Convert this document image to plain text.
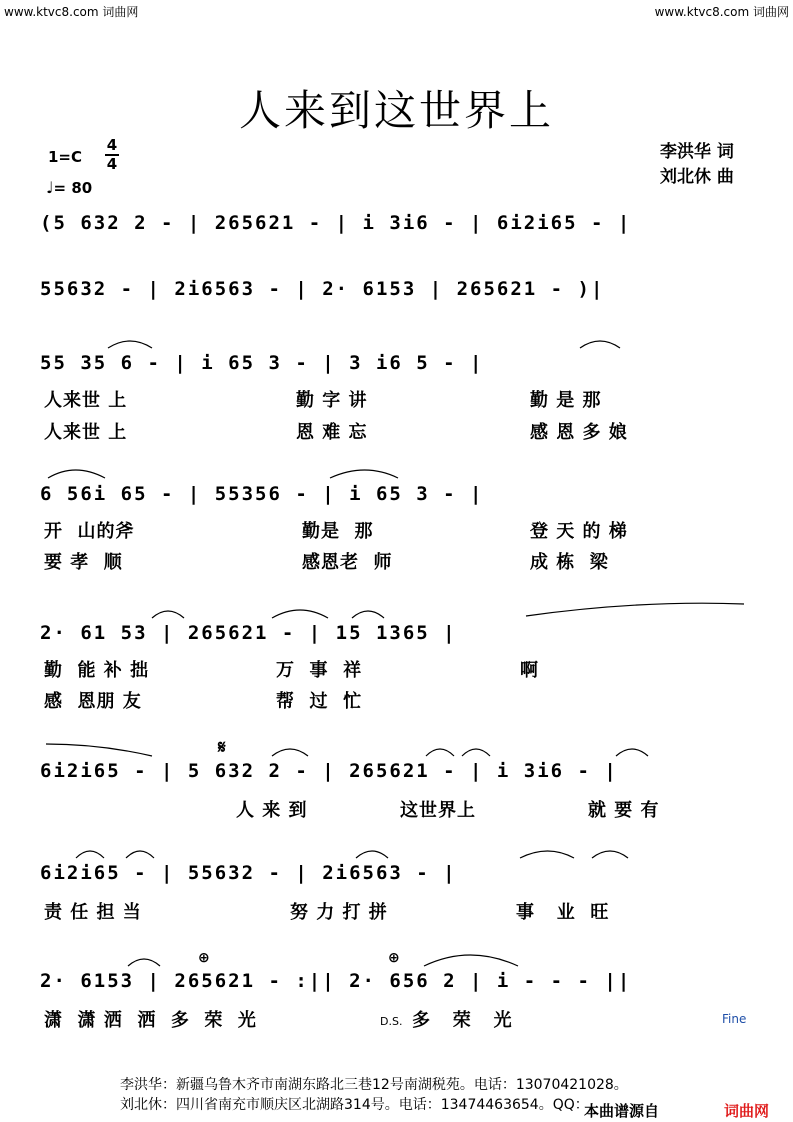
www.ktvc8.com 词曲网	www.ktvc8.com 词曲网
人来到这世界上
1=C
4
4
♩= 80
李洪华 词
刘北休 曲
(5 632 2 - | 265621 - | i 3i6 - | 6i2i65 - |
55632 - | 2i6563 - | 2· 6153 | 265621 - )|
55 35 6 - | i 65 3 - | 3 i6 5 - |
6 56i 65 - | 55356 - | i 65 3 - |
2· 61 53 | 265621 - | 15 1365 |
6i2i65 - | 5 632 2 - | 265621 - | i 3i6 - |
6i2i65 - | 55632 - | 2i6563 - |
2· 6153 | 265621 - :|| 2· 656 2 | i - - - ||
人来世 上	勤 字 讲	勤 是 那
人来世 上	恩 难 忘	感 恩 多 娘
开  山的斧	勤是  那	登 天 的 梯
要 孝  顺	感恩老  师	成 栋  梁
勤  能 补 拙	万  事  祥	啊
感  恩朋 友	帮  过  忙
人 来 到	这世界上	就 要 有
责 任 担 当	努 力 打 拼	事   业  旺
潇  潇 洒  洒  多  荣  光	多   荣   光
𝄋
⊕	⊕
D.S.	Fine
李洪华：新疆乌鲁木齐市南湖东路北三巷12号南湖税苑。电话：13070421028。
刘北休：四川省南充市顺庆区北湖路314号。电话：13474463654。QQ：
本曲谱源自	词曲网
